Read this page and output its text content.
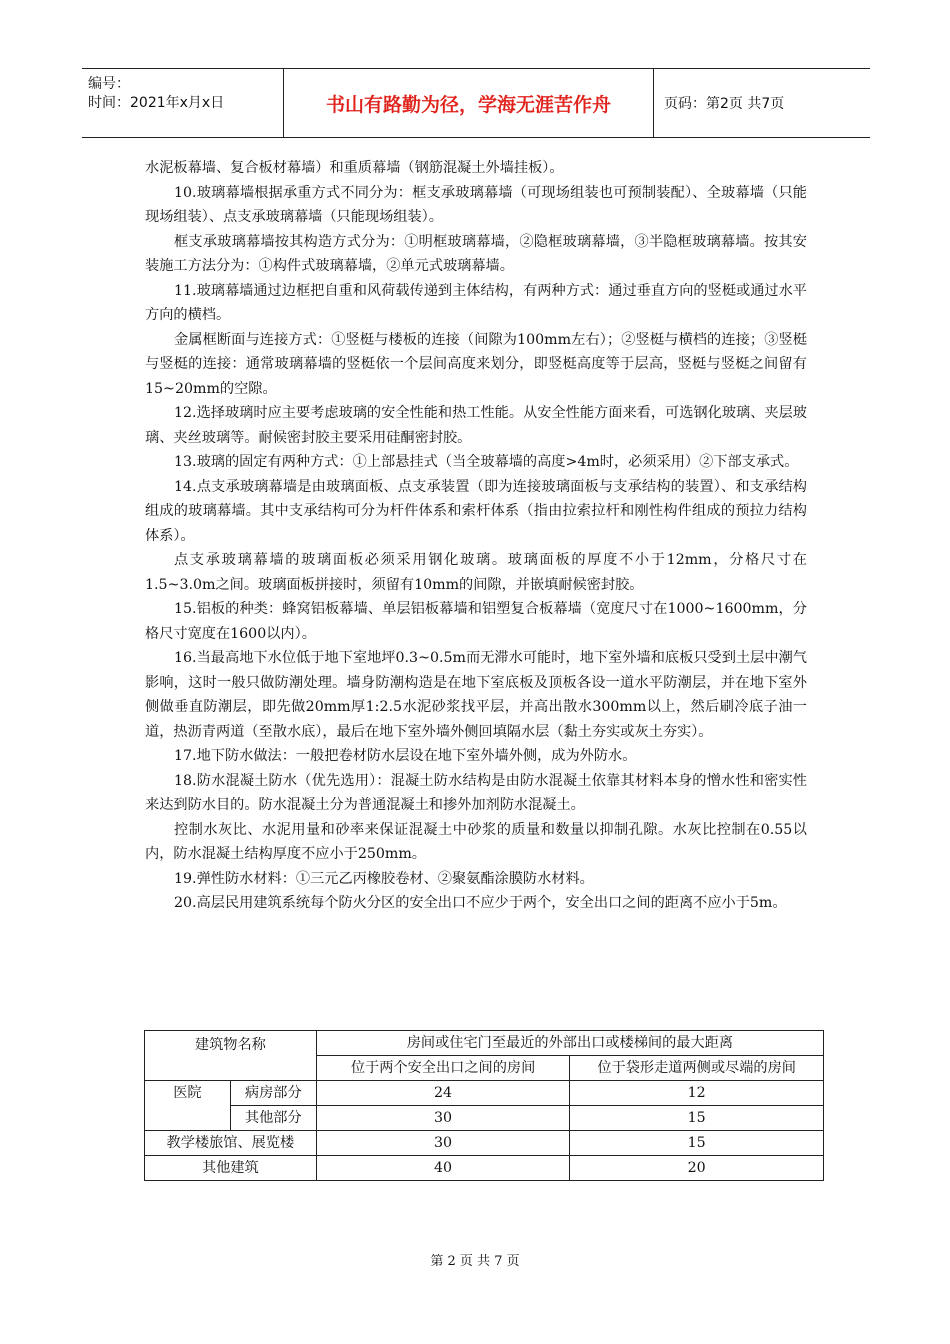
编号：
时间：2021年x月x日	书山有路勤为径，学海无涯苦作舟	页码：第2页 共7页

水泥板幕墙、复合板材幕墙）和重质幕墙（钢筋混凝土外墙挂板）。

10.玻璃幕墙根据承重方式不同分为：框支承玻璃幕墙（可现场组装也可预制装配）、全玻幕墙（只能现场组装）、点支承玻璃幕墙（只能现场组装）。

框支承玻璃幕墙按其构造方式分为：①明框玻璃幕墙，②隐框玻璃幕墙，③半隐框玻璃幕墙。按其安装施工方法分为：①构件式玻璃幕墙，②单元式玻璃幕墙。

11.玻璃幕墙通过边框把自重和风荷载传递到主体结构，有两种方式：通过垂直方向的竖梃或通过水平方向的横档。

金属框断面与连接方式：①竖梃与楼板的连接（间隙为100mm左右）；②竖梃与横档的连接；③竖梃与竖梃的连接：通常玻璃幕墙的竖梃依一个层间高度来划分，即竖梃高度等于层高，竖梃与竖梃之间留有15~20mm的空隙。

12.选择玻璃时应主要考虑玻璃的安全性能和热工性能。从安全性能方面来看，可选钢化玻璃、夹层玻璃、夹丝玻璃等。耐候密封胶主要采用硅酮密封胶。

13.玻璃的固定有两种方式：①上部悬挂式（当全玻幕墙的高度>4m时，必须采用）②下部支承式。

14.点支承玻璃幕墙是由玻璃面板、点支承装置（即为连接玻璃面板与支承结构的装置）、和支承结构组成的玻璃幕墙。其中支承结构可分为杆件体系和索杆体系（指由拉索拉杆和刚性构件组成的预拉力结构体系）。

点支承玻璃幕墙的玻璃面板必须采用钢化玻璃。玻璃面板的厚度不小于12mm，分格尺寸在1.5~3.0m之间。玻璃面板拼接时，须留有10mm的间隙，并嵌填耐候密封胶。

15.铝板的种类：蜂窝铝板幕墙、单层铝板幕墙和铝塑复合板幕墙（宽度尺寸在1000~1600mm，分格尺寸宽度在1600以内）。

16.当最高地下水位低于地下室地坪0.3~0.5m而无滞水可能时，地下室外墙和底板只受到土层中潮气影响，这时一般只做防潮处理。墙身防潮构造是在地下室底板及顶板各设一道水平防潮层，并在地下室外侧做垂直防潮层，即先做20mm厚1:2.5水泥砂浆找平层，并高出散水300mm以上，然后刷冷底子油一道，热沥青两道（至散水底），最后在地下室外墙外侧回填隔水层（黏土夯实或灰土夯实）。

17.地下防水做法：一般把卷材防水层设在地下室外墙外侧，成为外防水。

18.防水混凝土防水（优先选用）：混凝土防水结构是由防水混凝土依靠其材料本身的憎水性和密实性来达到防水目的。防水混凝土分为普通混凝土和掺外加剂防水混凝土。

控制水灰比、水泥用量和砂率来保证混凝土中砂浆的质量和数量以抑制孔隙。水灰比控制在0.55以内，防水混凝土结构厚度不应小于250mm。

19.弹性防水材料：①三元乙丙橡胶卷材、②聚氨酯涂膜防水材料。

20.高层民用建筑系统每个防火分区的安全出口不应少于两个，安全出口之间的距离不应小于5m。

建筑物名称		房间或住宅门至最近的外部出口或楼梯间的最大距离	
		位于两个安全出口之间的房间	位于袋形走道两侧或尽端的房间
医院	病房部分	24	12
	其他部分	30	15
教学楼旅馆、展览楼		30	15
其他建筑		40	20
第 2 页 共 7 页
